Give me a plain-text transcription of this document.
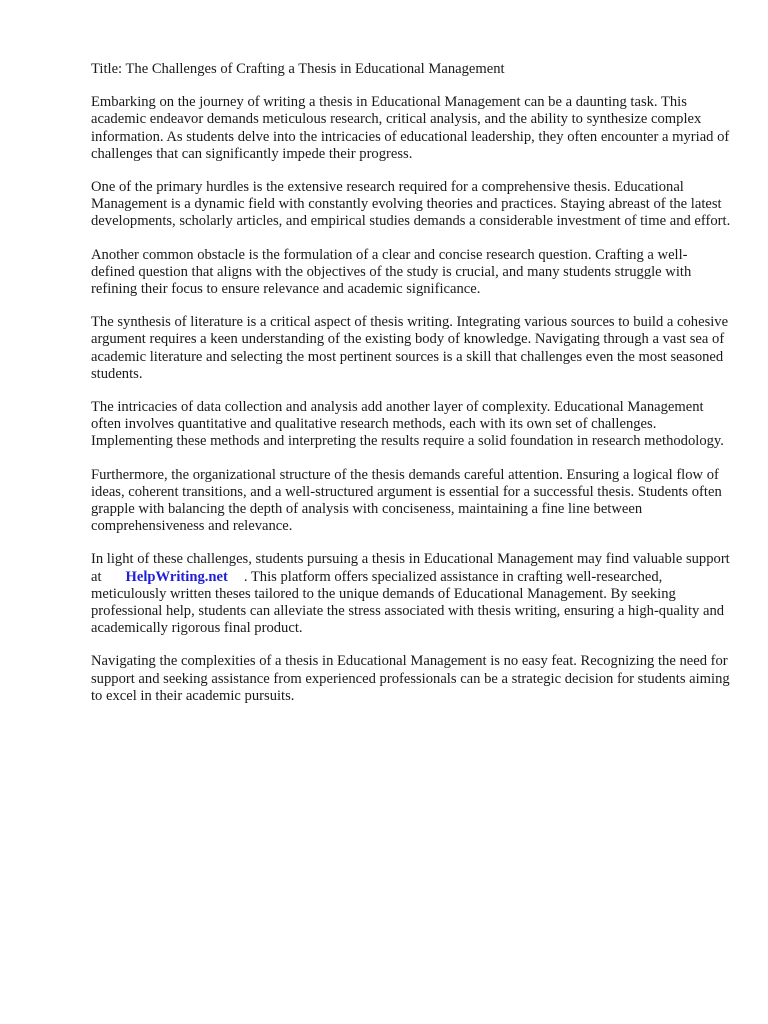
Title: The Challenges of Crafting a Thesis in Educational Management

Embarking on the journey of writing a thesis in Educational Management can be a daunting task. This academic endeavor demands meticulous research, critical analysis, and the ability to synthesize complex information. As students delve into the intricacies of educational leadership, they often encounter a myriad of challenges that can significantly impede their progress.

One of the primary hurdles is the extensive research required for a comprehensive thesis. Educational Management is a dynamic field with constantly evolving theories and practices. Staying abreast of the latest developments, scholarly articles, and empirical studies demands a considerable investment of time and effort.

Another common obstacle is the formulation of a clear and concise research question. Crafting a well-defined question that aligns with the objectives of the study is crucial, and many students struggle with refining their focus to ensure relevance and academic significance.

The synthesis of literature is a critical aspect of thesis writing. Integrating various sources to build a cohesive argument requires a keen understanding of the existing body of knowledge. Navigating through a vast sea of academic literature and selecting the most pertinent sources is a skill that challenges even the most seasoned students.

The intricacies of data collection and analysis add another layer of complexity. Educational Management often involves quantitative and qualitative research methods, each with its own set of challenges. Implementing these methods and interpreting the results require a solid foundation in research methodology.

Furthermore, the organizational structure of the thesis demands careful attention. Ensuring a logical flow of ideas, coherent transitions, and a well-structured argument is essential for a successful thesis. Students often grapple with balancing the depth of analysis with conciseness, maintaining a fine line between comprehensiveness and relevance.

In light of these challenges, students pursuing a thesis in Educational Management may find valuable support at HelpWriting.net . This platform offers specialized assistance in crafting well-researched, meticulously written theses tailored to the unique demands of Educational Management. By seeking professional help, students can alleviate the stress associated with thesis writing, ensuring a high-quality and academically rigorous final product.

Navigating the complexities of a thesis in Educational Management is no easy feat. Recognizing the need for support and seeking assistance from experienced professionals can be a strategic decision for students aiming to excel in their academic pursuits.
